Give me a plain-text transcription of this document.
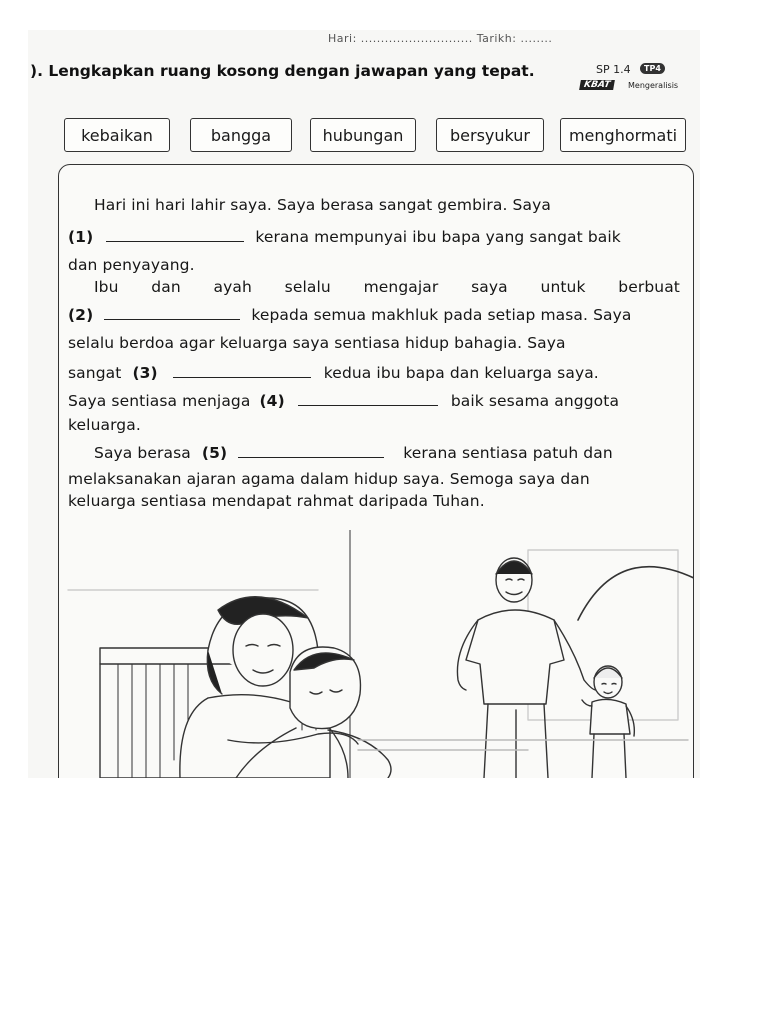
Hari: ............................ Tarikh: ........
). Lengkapkan ruang kosong dengan jawapan yang tepat.	SP 1.4	TP4
KBAT	Mengeralisis
kebaikan	bangga	hubungan	bersyukur menghormati
Hari ini hari lahir saya. Saya berasa sangat gembira. Saya
(1)	kerana mempunyai ibu bapa yang sangat baik
dan penyayang.
Ibu dan ayah selalu mengajar saya untuk berbuat
(2)	kepada semua makhluk pada setiap masa. Saya
selalu berdoa agar keluarga saya sentiasa hidup bahagia. Saya
sangat (3)	kedua ibu bapa dan keluarga saya.
Saya sentiasa menjaga (4)	baik sesama anggota
keluarga.
Saya berasa (5)	kerana sentiasa patuh dan
melaksanakan ajaran agama dalam hidup saya. Semoga saya dan
keluarga sentiasa mendapat rahmat daripada Tuhan.
